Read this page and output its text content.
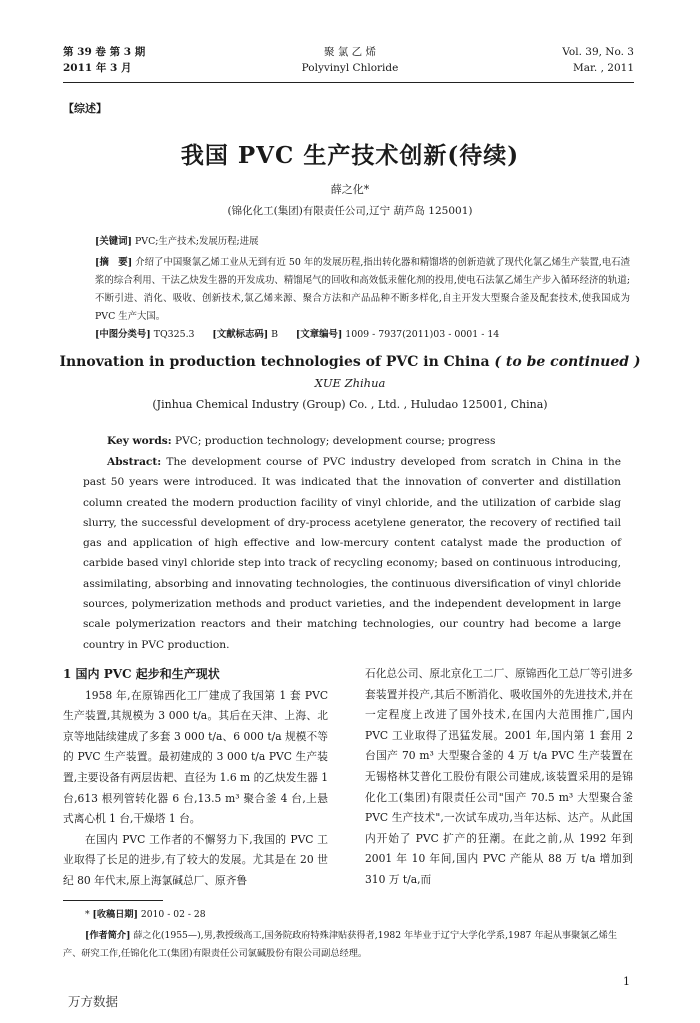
第 39 卷 第 3 期
2011 年 3 月
聚 氯 乙 烯
Polyvinyl Chloride
Vol. 39, No. 3
Mar. , 2011
【综述】
我国 PVC 生产技术创新(待续)
薛之化*
(锦化化工(集团)有限责任公司,辽宁 葫芦岛 125001)
[关键词] PVC;生产技术;发展历程;进展
[摘　要] 介绍了中国聚氯乙烯工业从无到有近 50 年的发展历程,指出转化器和精馏塔的创新造就了现代化氯乙烯生产装置,电石渣浆的综合利用、干法乙炔发生器的开发成功、精馏尾气的回收和高效低汞催化剂的投用,使电石法氯乙烯生产步入循环经济的轨道;不断引进、消化、吸收、创新技术,氯乙烯来源、聚合方法和产品品种不断多样化,自主开发大型聚合釜及配套技术,使我国成为 PVC 生产大国。
[中图分类号] TQ325.3 [文献标志码] B [文章编号] 1009 - 7937(2011)03 - 0001 - 14
Innovation in production technologies of PVC in China ( to be continued )
XUE Zhihua
(Jinhua Chemical Industry (Group) Co. , Ltd. , Huludao 125001, China)
Key words: PVC; production technology; development course; progress
Abstract: The development course of PVC industry developed from scratch in China in the past 50 years were introduced. It was indicated that the innovation of converter and distillation column created the modern production facility of vinyl chloride, and the utilization of carbide slag slurry, the successful development of dry-process acetylene generator, the recovery of rectified tail gas and application of high effective and low-mercury content catalyst made the production of carbide based vinyl chloride step into track of recycling economy; based on continuous introducing, assimilating, absorbing and innovating technologies, the continuous diversification of vinyl chloride sources, polymerization methods and product varieties, and the independent development in large scale polymerization reactors and their matching technologies, our country had become a large country in PVC production.
1 国内 PVC 起步和生产现状

1958 年,在原锦西化工厂建成了我国第 1 套 PVC 生产装置,其规模为 3 000 t/a。其后在天津、上海、北京等地陆续建成了多套 3 000 t/a、6 000 t/a 规模不等的 PVC 生产装置。最初建成的 3 000 t/a PVC 生产装置,主要设备有两层齿耙、直径为 1.6 m 的乙炔发生器 1 台,613 根列管转化器 6 台,13.5 m³ 聚合釜 4 台,上悬式离心机 1 台,干燥塔 1 台。

在国内 PVC 工作者的不懈努力下,我国的 PVC 工业取得了长足的进步,有了较大的发展。尤其是在 20 世纪 80 年代末,原上海氯碱总厂、原齐鲁

石化总公司、原北京化工二厂、原锦西化工总厂等引进多套装置并投产,其后不断消化、吸收国外的先进技术,并在一定程度上改进了国外技术,在国内大范围推广,国内 PVC 工业取得了迅猛发展。2001 年,国内第 1 套用 2 台国产 70 m³ 大型聚合釜的 4 万 t/a PVC 生产装置在无锡格林艾普化工股份有限公司建成,该装置采用的是锦化化工(集团)有限责任公司"国产 70.5 m³ 大型聚合釜 PVC 生产技术",一次试车成功,当年达标、达产。从此国内开始了 PVC 扩产的狂潮。在此之前,从 1992 年到 2001 年 10 年间,国内 PVC 产能从 88 万 t/a 增加到 310 万 t/a,而

* [收稿日期] 2010 - 02 - 28
[作者简介] 薛之化(1955—),男,教授级高工,国务院政府特殊津贴获得者,1982 年毕业于辽宁大学化学系,1987 年起从事聚氯乙烯生产、研究工作,任锦化化工(集团)有限责任公司氯碱股份有限公司副总经理。
1
万方数据
